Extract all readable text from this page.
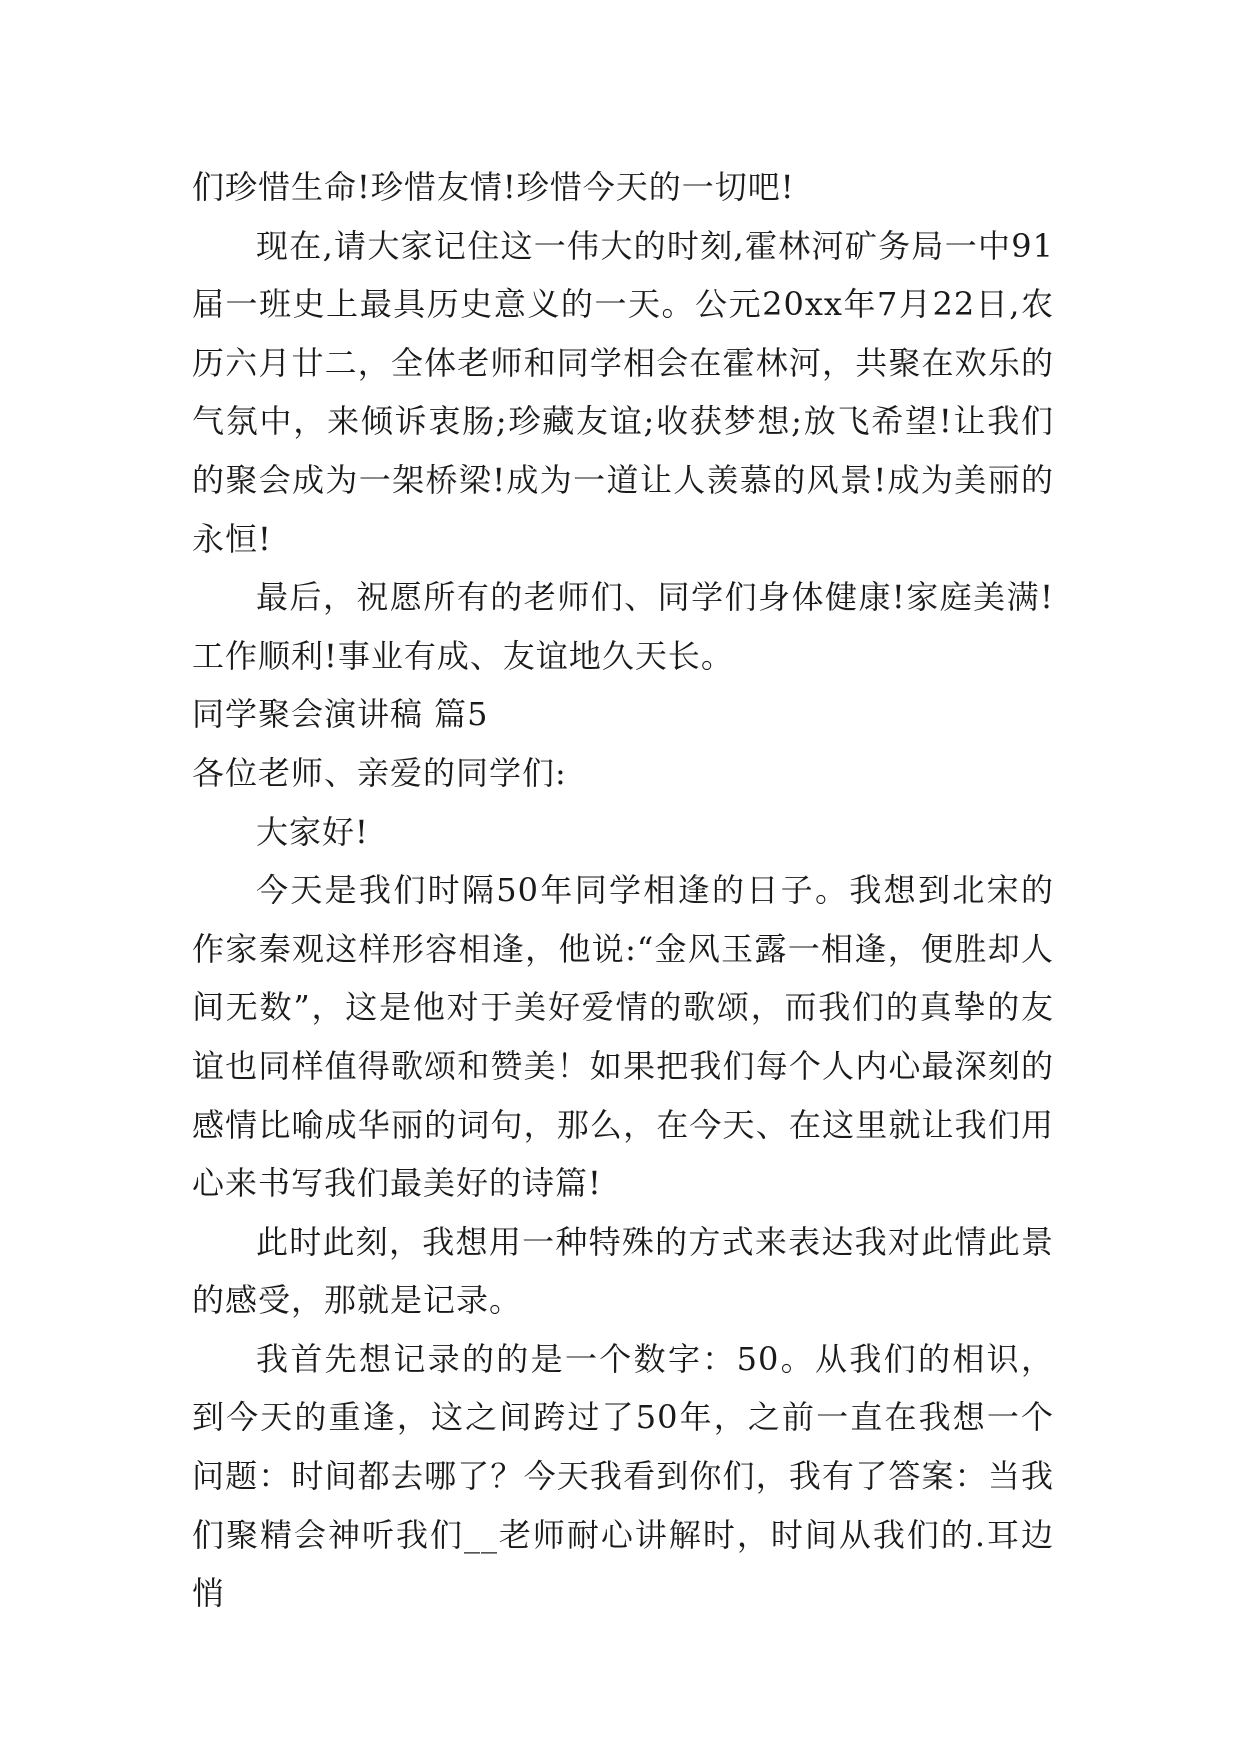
们珍惜生命!珍惜友情!珍惜今天的一切吧!

现在,请大家记住这一伟大的时刻,霍林河矿务局一中91届一班史上最具历史意义的一天。公元20xx年7月22日,农历六月廿二，全体老师和同学相会在霍林河，共聚在欢乐的气氛中，来倾诉衷肠;珍藏友谊;收获梦想;放飞希望!让我们的聚会成为一架桥梁!成为一道让人羡慕的风景!成为美丽的永恒!

最后，祝愿所有的老师们、同学们身体健康!家庭美满!工作顺利!事业有成、友谊地久天长。

同学聚会演讲稿 篇5

各位老师、亲爱的同学们:

大家好!

今天是我们时隔50年同学相逢的日子。我想到北宋的作家秦观这样形容相逢，他说:“金风玉露一相逢，便胜却人间无数”，这是他对于美好爱情的歌颂，而我们的真挚的友谊也同样值得歌颂和赞美！如果把我们每个人内心最深刻的感情比喻成华丽的词句，那么，在今天、在这里就让我们用心来书写我们最美好的诗篇!

此时此刻，我想用一种特殊的方式来表达我对此情此景的感受，那就是记录。

我首先想记录的的是一个数字：50。从我们的相识，到今天的重逢，这之间跨过了50年，之前一直在我想一个问题：时间都去哪了？今天我看到你们，我有了答案：当我们聚精会神听我们__老师耐心讲解时，时间从我们的.耳边悄
